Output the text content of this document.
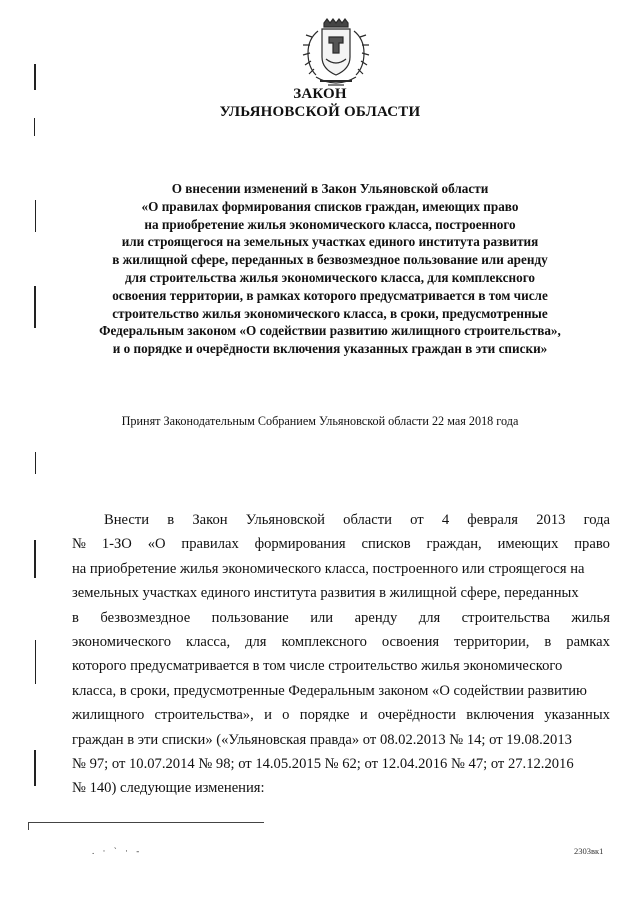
ЗАКОН
УЛЬЯНОВСКОЙ ОБЛАСТИ
О внесении изменений в Закон Ульяновской области
«О правилах формирования списков граждан, имеющих право
на приобретение жилья экономического класса, построенного
или строящегося на земельных участках единого института развития
в жилищной сфере, переданных в безвозмездное пользование или аренду
для строительства жилья экономического класса, для комплексного
освоения территории, в рамках которого предусматривается в том числе
строительство жилья экономического класса, в сроки, предусмотренные
Федеральным законом «О содействии развитию жилищного строительства»,
и о порядке и очерёдности включения указанных граждан в эти списки»
Принят Законодательным Собранием Ульяновской области 22 мая 2018 года
Внести в Закон Ульяновской области от 4 февраля 2013 года
№ 1-ЗО «О правилах формирования списков граждан, имеющих право
на приобретение жилья экономического класса, построенного или строящегося на
земельных участках единого института развития в жилищной сфере, переданных
в безвозмездное пользование или аренду для строительства жилья
экономического класса, для комплексного освоения территории, в рамках
которого предусматривается в том числе строительство жилья экономического
класса, в сроки, предусмотренные Федеральным законом «О содействии развитию
жилищного строительства», и о порядке и очерёдности включения указанных
граждан в эти списки» («Ульяновская правда» от 08.02.2013 № 14; от 19.08.2013
№ 97; от 10.07.2014 № 98; от 14.05.2015 № 62; от 12.04.2016 № 47; от 27.12.2016
№ 140) следующие изменения:
. · ` · -	2303вк1
